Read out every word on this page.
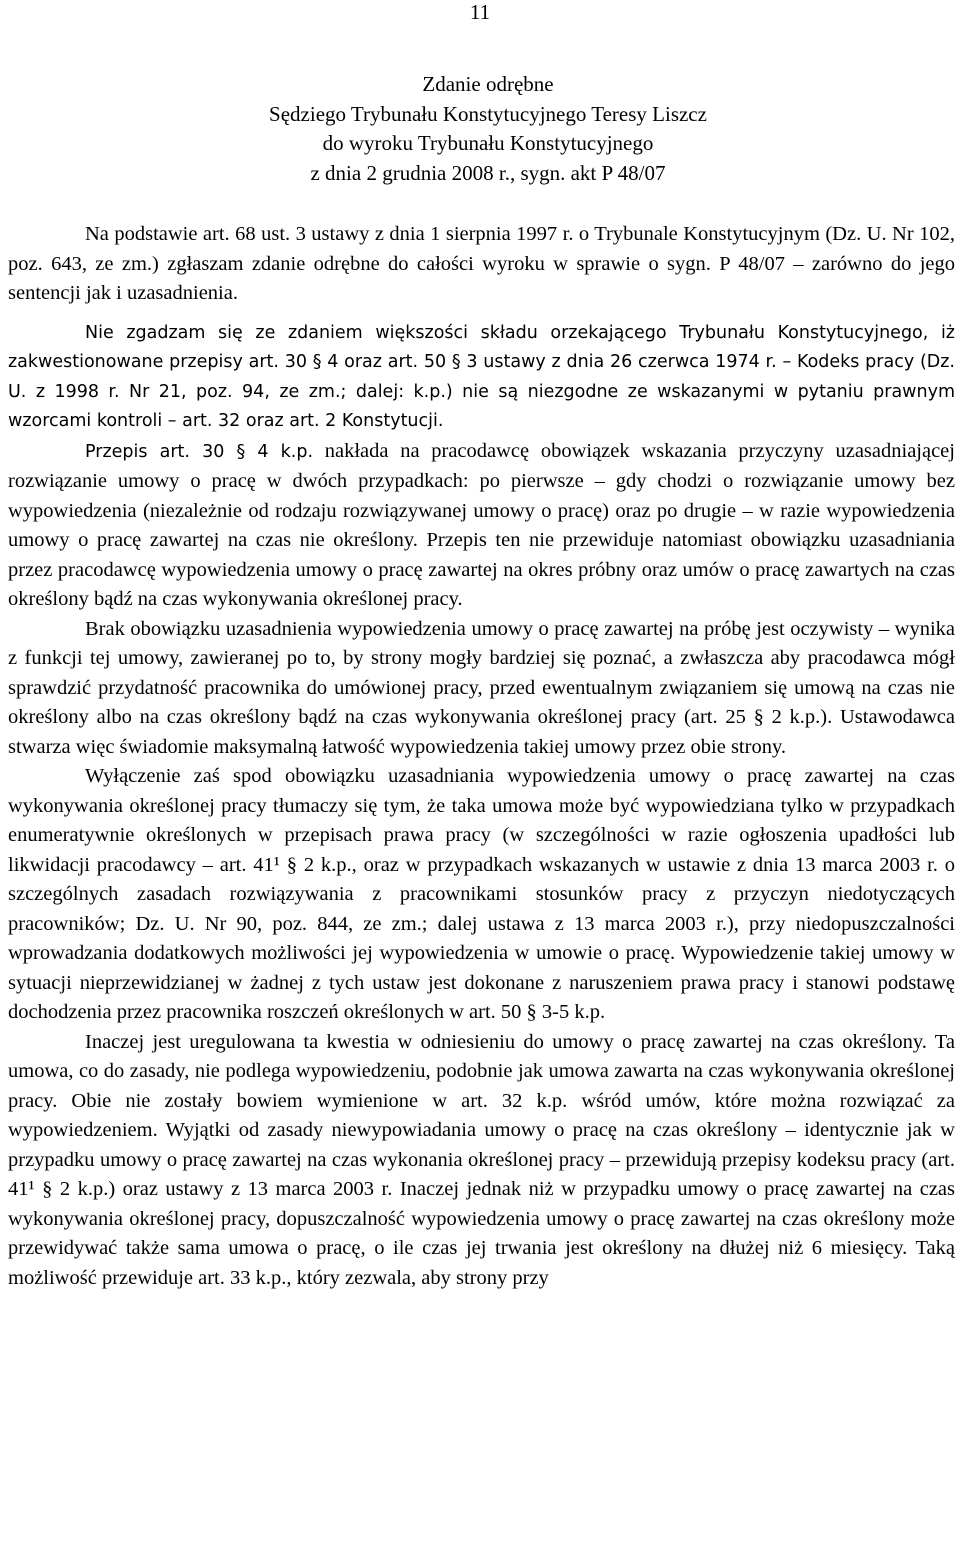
11
Zdanie odrębne
Sędziego Trybunału Konstytucyjnego Teresy Liszcz
do wyroku Trybunału Konstytucyjnego
z dnia 2 grudnia 2008 r., sygn. akt P 48/07

Na podstawie art. 68 ust. 3 ustawy z dnia 1 sierpnia 1997 r. o Trybunale Konstytucyjnym (Dz. U. Nr 102, poz. 643, ze zm.) zgłaszam zdanie odrębne do całości wyroku w sprawie o sygn. P 48/07 – zarówno do jego sentencji jak i uzasadnienia.

Nie zgadzam się ze zdaniem większości składu orzekającego Trybunału Konstytucyjnego, iż zakwestionowane przepisy art. 30 § 4 oraz art. 50 § 3 ustawy z dnia 26 czerwca 1974 r. – Kodeks pracy (Dz. U. z 1998 r. Nr 21, poz. 94, ze zm.; dalej: k.p.) nie są niezgodne ze wskazanymi w pytaniu prawnym wzorcami kontroli – art. 32 oraz art. 2 Konstytucji.

Przepis art. 30 § 4 k.p. nakłada na pracodawcę obowiązek wskazania przyczyny uzasadniającej rozwiązanie umowy o pracę w dwóch przypadkach: po pierwsze – gdy chodzi o rozwiązanie umowy bez wypowiedzenia (niezależnie od rodzaju rozwiązywanej umowy o pracę) oraz po drugie – w razie wypowiedzenia umowy o pracę zawartej na czas nie określony. Przepis ten nie przewiduje natomiast obowiązku uzasadniania przez pracodawcę wypowiedzenia umowy o pracę zawartej na okres próbny oraz umów o pracę zawartych na czas określony bądź na czas wykonywania określonej pracy.

Brak obowiązku uzasadnienia wypowiedzenia umowy o pracę zawartej na próbę jest oczywisty – wynika z funkcji tej umowy, zawieranej po to, by strony mogły bardziej się poznać, a zwłaszcza aby pracodawca mógł sprawdzić przydatność pracownika do umówionej pracy, przed ewentualnym związaniem się umową na czas nie określony albo na czas określony bądź na czas wykonywania określonej pracy (art. 25 § 2 k.p.). Ustawodawca stwarza więc świadomie maksymalną łatwość wypowiedzenia takiej umowy przez obie strony.

Wyłączenie zaś spod obowiązku uzasadniania wypowiedzenia umowy o pracę zawartej na czas wykonywania określonej pracy tłumaczy się tym, że taka umowa może być wypowiedziana tylko w przypadkach enumeratywnie określonych w przepisach prawa pracy (w szczególności w razie ogłoszenia upadłości lub likwidacji pracodawcy – art. 41¹ § 2 k.p., oraz w przypadkach wskazanych w ustawie z dnia 13 marca 2003 r. o szczególnych zasadach rozwiązywania z pracownikami stosunków pracy z przyczyn niedotyczących pracowników; Dz. U. Nr 90, poz. 844, ze zm.; dalej ustawa z 13 marca 2003 r.), przy niedopuszczalności wprowadzania dodatkowych możliwości jej wypowiedzenia w umowie o pracę. Wypowiedzenie takiej umowy w sytuacji nieprzewidzianej w żadnej z tych ustaw jest dokonane z naruszeniem prawa pracy i stanowi podstawę dochodzenia przez pracownika roszczeń określonych w art. 50 § 3-5 k.p.

Inaczej jest uregulowana ta kwestia w odniesieniu do umowy o pracę zawartej na czas określony. Ta umowa, co do zasady, nie podlega wypowiedzeniu, podobnie jak umowa zawarta na czas wykonywania określonej pracy. Obie nie zostały bowiem wymienione w art. 32 k.p. wśród umów, które można rozwiązać za wypowiedzeniem. Wyjątki od zasady niewypowiadania umowy o pracę na czas określony – identycznie jak w przypadku umowy o pracę zawartej na czas wykonania określonej pracy – przewidują przepisy kodeksu pracy (art. 41¹ § 2 k.p.) oraz ustawy z 13 marca 2003 r. Inaczej jednak niż w przypadku umowy o pracę zawartej na czas wykonywania określonej pracy, dopuszczalność wypowiedzenia umowy o pracę zawartej na czas określony może przewidywać także sama umowa o pracę, o ile czas jej trwania jest określony na dłużej niż 6 miesięcy. Taką możliwość przewiduje art. 33 k.p., który zezwala, aby strony przy
